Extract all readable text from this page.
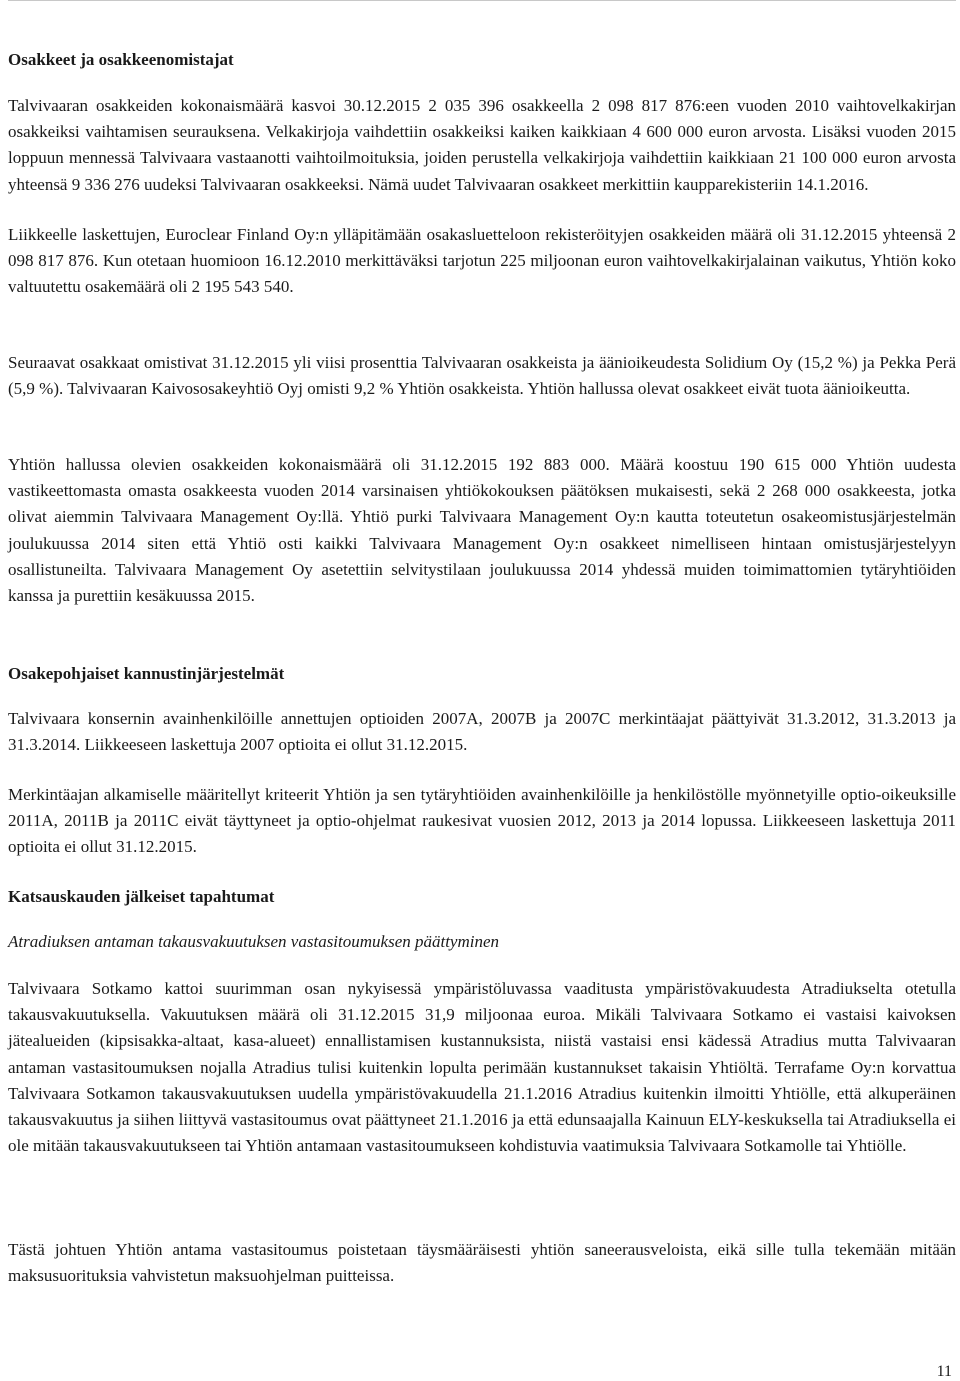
Osakkeet ja osakkeenomistajat

Talvivaaran osakkeiden kokonaismäärä kasvoi 30.12.2015 2 035 396 osakkeella 2 098 817 876:een vuoden 2010 vaihtovelkakirjan osakkeiksi vaihtamisen seurauksena. Velkakirjoja vaihdettiin osakkeiksi kaiken kaikkiaan 4 600 000 euron arvosta. Lisäksi vuoden 2015 loppuun mennessä Talvivaara vastaanotti vaihtoilmoituksia, joiden perustella velkakirjoja vaihdettiin kaikkiaan 21 100 000 euron arvosta yhteensä 9 336 276 uudeksi Talvivaaran osakkeeksi. Nämä uudet Talvivaaran osakkeet merkittiin kaupparekisteriin 14.1.2016.

Liikkeelle laskettujen, Euroclear Finland Oy:n ylläpitämään osakasluetteloon rekisteröityjen osakkeiden määrä oli 31.12.2015 yhteensä 2 098 817 876. Kun otetaan huomioon 16.12.2010 merkittäväksi tarjotun 225 miljoonan euron vaihtovelkakirjalainan vaikutus, Yhtiön koko valtuutettu osakemäärä oli 2 195 543 540.

Seuraavat osakkaat omistivat 31.12.2015 yli viisi prosenttia Talvivaaran osakkeista ja äänioikeudesta Solidium Oy (15,2 %) ja Pekka Perä (5,9 %). Talvivaaran Kaivososakeyhtiö Oyj omisti 9,2 % Yhtiön osakkeista. Yhtiön hallussa olevat osakkeet eivät tuota äänioikeutta.

Yhtiön hallussa olevien osakkeiden kokonaismäärä oli 31.12.2015 192 883 000. Määrä koostuu 190 615 000 Yhtiön uudesta vastikeettomasta omasta osakkeesta vuoden 2014 varsinaisen yhtiökokouksen päätöksen mukaisesti, sekä 2 268 000 osakkeesta, jotka olivat aiemmin Talvivaara Management Oy:llä. Yhtiö purki Talvivaara Management Oy:n kautta toteutetun osakeomistusjärjestelmän joulukuussa 2014 siten että Yhtiö osti kaikki Talvivaara Management Oy:n osakkeet nimelliseen hintaan omistusjärjestelyyn osallistuneilta. Talvivaara Management Oy asetettiin selvitystilaan joulukuussa 2014 yhdessä muiden toimimattomien tytäryhtiöiden kanssa ja purettiin kesäkuussa 2015.

Osakepohjaiset kannustinjärjestelmät

Talvivaara konsernin avainhenkilöille annettujen optioiden 2007A, 2007B ja 2007C merkintäajat päättyivät 31.3.2012, 31.3.2013 ja 31.3.2014. Liikkeeseen laskettuja 2007 optioita ei ollut 31.12.2015.

Merkintäajan alkamiselle määritellyt kriteerit Yhtiön ja sen tytäryhtiöiden avainhenkilöille ja henkilöstölle myönnetyille optio-oikeuksille 2011A, 2011B ja 2011C eivät täyttyneet ja optio-ohjelmat raukesivat vuosien 2012, 2013 ja 2014 lopussa. Liikkeeseen laskettuja 2011 optioita ei ollut 31.12.2015.

Katsauskauden jälkeiset tapahtumat
Atradiuksen antaman takausvakuutuksen vastasitoumuksen päättyminen

Talvivaara Sotkamo kattoi suurimman osan nykyisessä ympäristöluvassa vaaditusta ympäristövakuudesta Atradiukselta otetulla takausvakuutuksella. Vakuutuksen määrä oli 31.12.2015 31,9 miljoonaa euroa. Mikäli Talvivaara Sotkamo ei vastaisi kaivoksen jätealueiden (kipsisakka-altaat, kasa-alueet) ennallistamisen kustannuksista, niistä vastaisi ensi kädessä Atradius mutta Talvivaaran antaman vastasitoumuksen nojalla Atradius tulisi kuitenkin lopulta perimään kustannukset takaisin Yhtiöltä. Terrafame Oy:n korvattua Talvivaara Sotkamon takausvakuutuksen uudella ympäristövakuudella 21.1.2016 Atradius kuitenkin ilmoitti Yhtiölle, että alkuperäinen takausvakuutus ja siihen liittyvä vastasitoumus ovat päättyneet 21.1.2016 ja että edunsaajalla Kainuun ELY-keskuksella tai Atradiuksella ei ole mitään takausvakuutukseen tai Yhtiön antamaan vastasitoumukseen kohdistuvia vaatimuksia Talvivaara Sotkamolle tai Yhtiölle.

Tästä johtuen Yhtiön antama vastasitoumus poistetaan täysmääräisesti yhtiön saneerausveloista, eikä sille tulla tekemään mitään maksusuorituksia vahvistetun maksuohjelman puitteissa.

11
